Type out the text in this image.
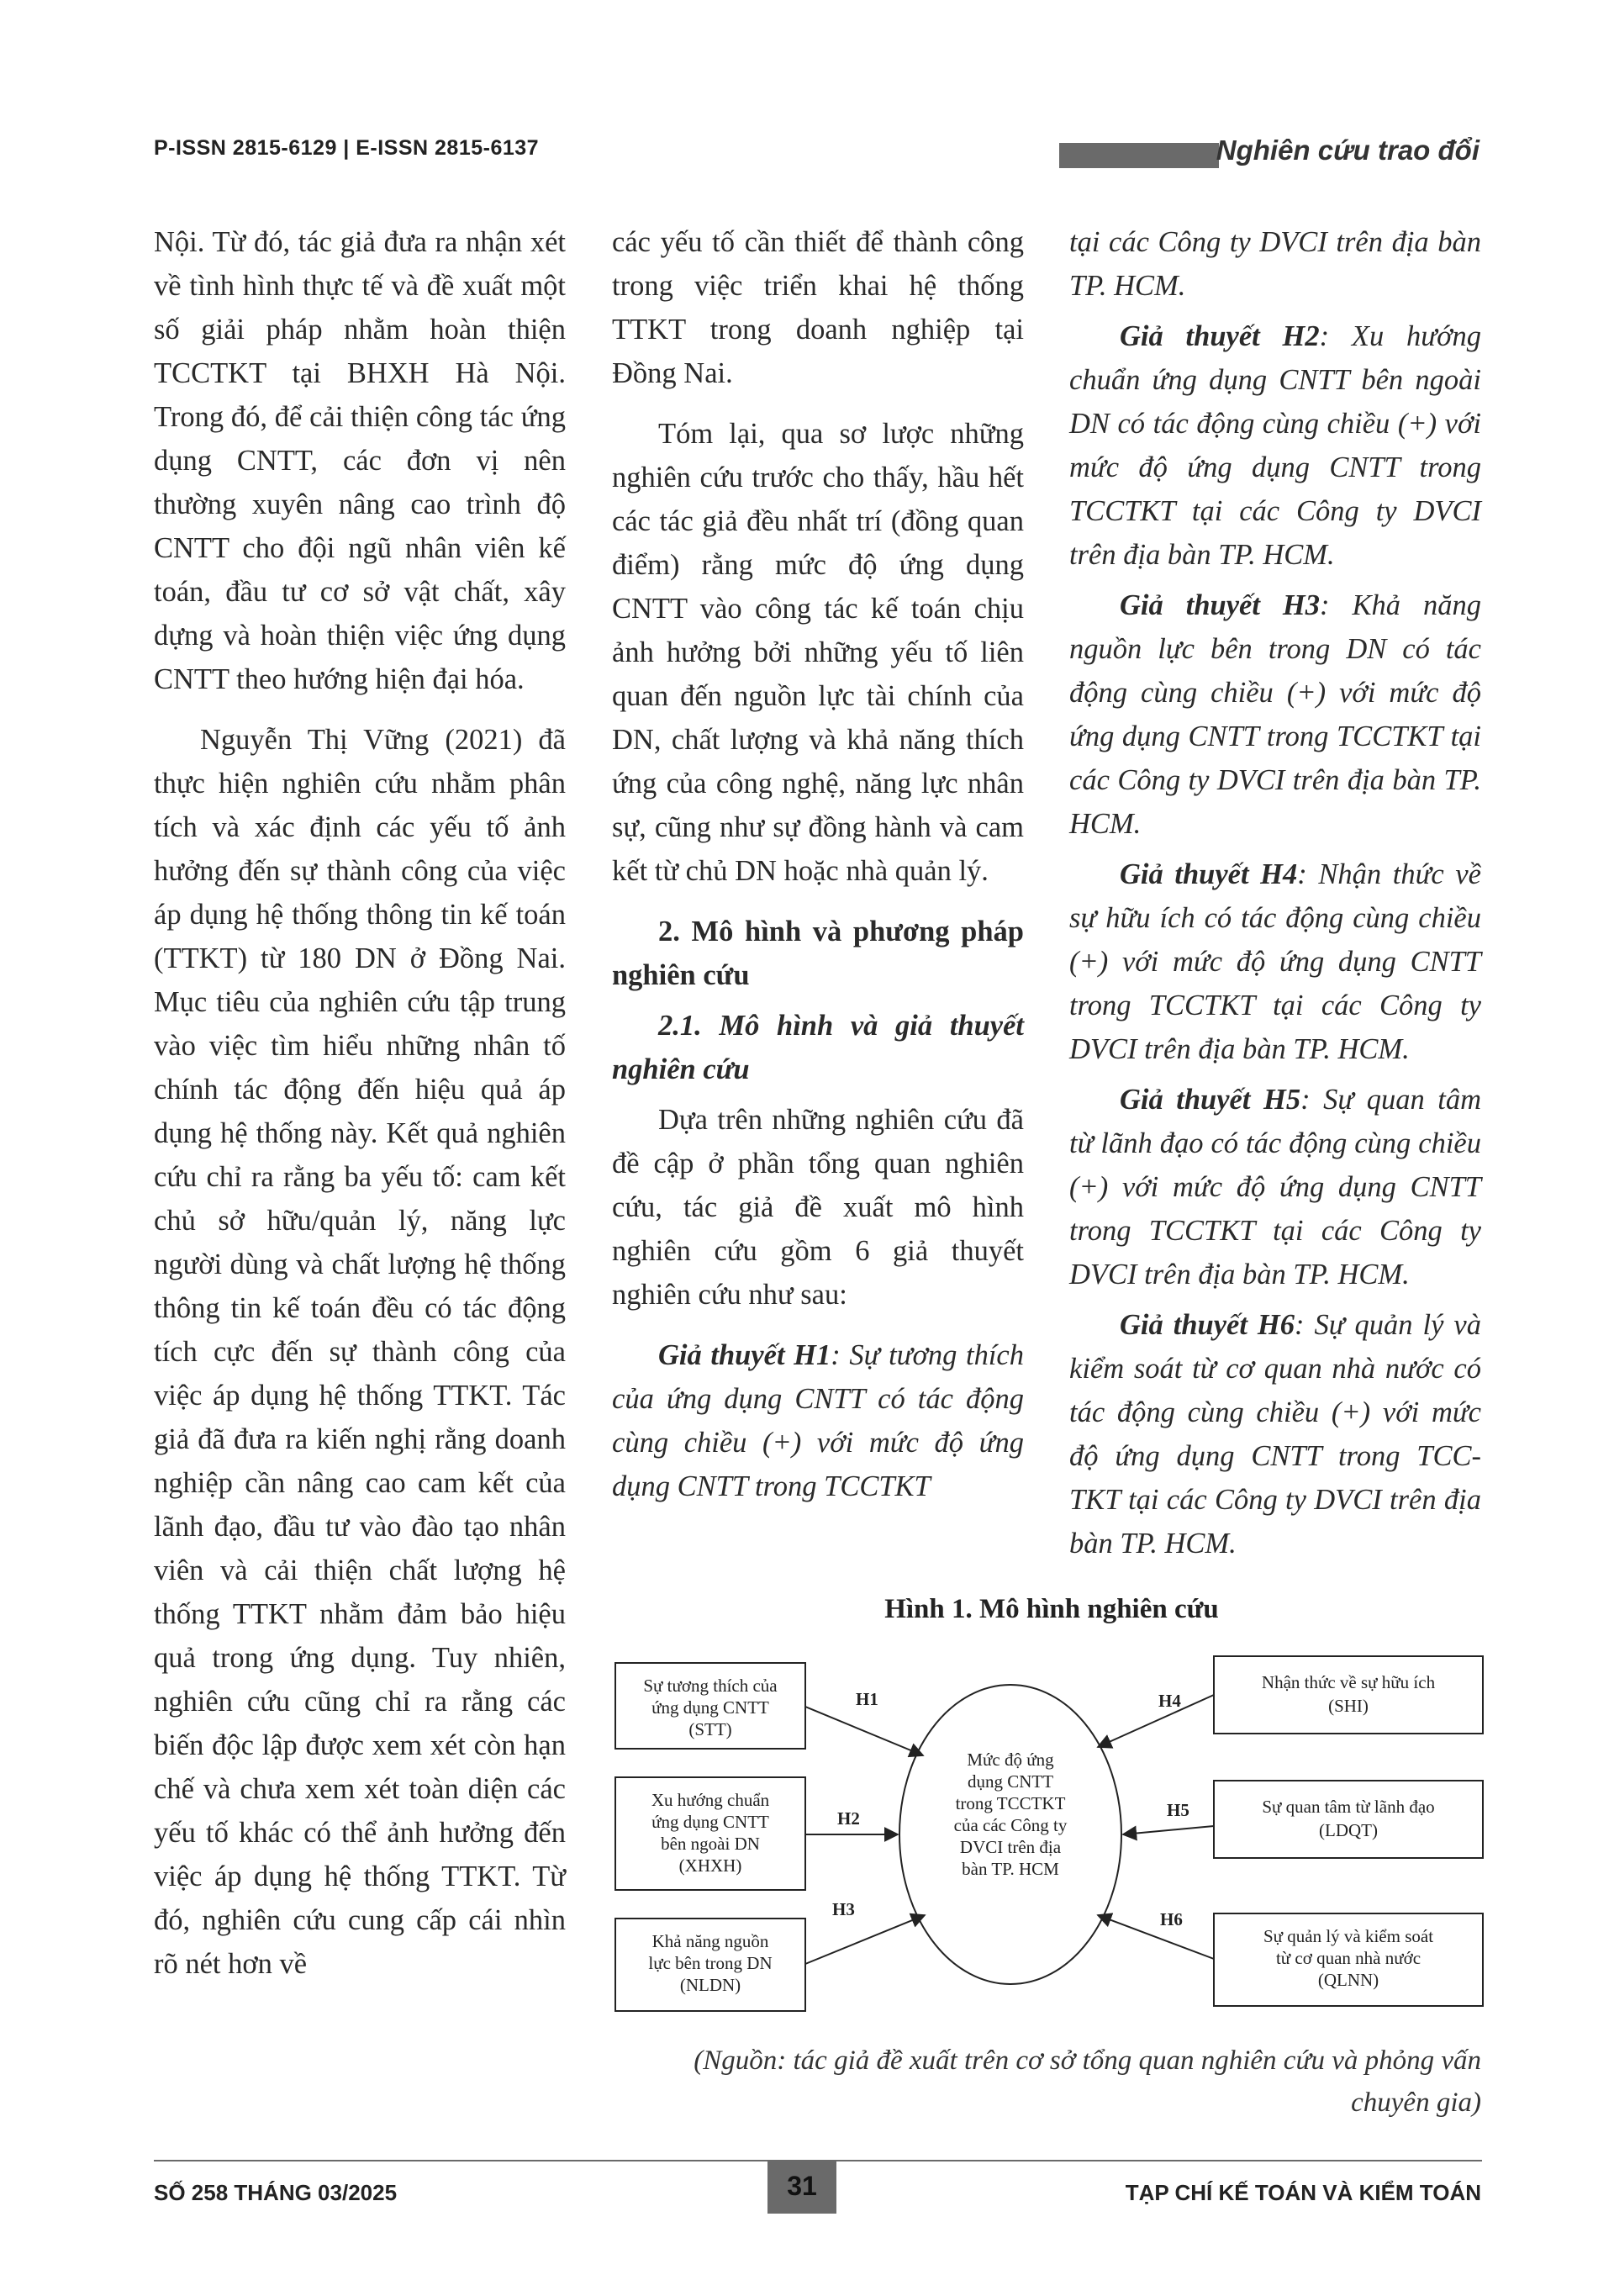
P-ISSN 2815-6129 | E-ISSN 2815-6137	Nghiên cứu trao đổi

Nội. Từ đó, tác giả đưa ra nhận xét về tình hình thực tế và đề xuất một số giải pháp nhằm hoàn thiện TCCTKT tại BHXH Hà Nội. Trong đó, để cải thiện công tác ứng dụng CNTT, các đơn vị nên thường xuyên nâng cao trình độ CNTT cho đội ngũ nhân viên kế toán, đầu tư cơ sở vật chất, xây dựng và hoàn thiện việc ứng dụng CNTT theo hướng hiện đại hóa.

Nguyễn Thị Vững (2021) đã thực hiện nghiên cứu nhằm phân tích và xác định các yếu tố ảnh hưởng đến sự thành công của việc áp dụng hệ thống thông tin kế toán (TTKT) từ 180 DN ở Đồng Nai. Mục tiêu của nghiên cứu tập trung vào việc tìm hiểu những nhân tố chính tác động đến hiệu quả áp dụng hệ thống này. Kết quả nghiên cứu chỉ ra rằng ba yếu tố: cam kết chủ sở hữu/quản lý, năng lực người dùng và chất lượng hệ thống thông tin kế toán đều có tác động tích cực đến sự thành công của việc áp dụng hệ thống TTKT. Tác giả đã đưa ra kiến nghị rằng doanh nghiệp cần nâng cao cam kết của lãnh đạo, đầu tư vào đào tạo nhân viên và cải thiện chất lượng hệ thống TTKT nhằm đảm bảo hiệu quả trong ứng dụng. Tuy nhiên, nghiên cứu cũng chỉ ra rằng các biến độc lập được xem xét còn hạn chế và chưa xem xét toàn diện các yếu tố khác có thể ảnh hưởng đến việc áp dụng hệ thống TTKT. Từ đó, nghiên cứu cung cấp cái nhìn rõ nét hơn về

các yếu tố cần thiết để thành công trong việc triển khai hệ thống TTKT trong doanh nghiệp tại Đồng Nai.

Tóm lại, qua sơ lược những nghiên cứu trước cho thấy, hầu hết các tác giả đều nhất trí (đồng quan điểm) rằng mức độ ứng dụng CNTT vào công tác kế toán chịu ảnh hưởng bởi những yếu tố liên quan đến nguồn lực tài chính của DN, chất lượng và khả năng thích ứng của công nghệ, năng lực nhân sự, cũng như sự đồng hành và cam kết từ chủ DN hoặc nhà quản lý.

2. Mô hình và phương pháp nghiên cứu

2.1. Mô hình và giả thuyết nghiên cứu

Dựa trên những nghiên cứu đã đề cập ở phần tổng quan nghiên cứu, tác giả đề xuất mô hình nghiên cứu gồm 6 giả thuyết nghiên cứu như sau:

Giả thuyết H1: Sự tương thích của ứng dụng CNTT có tác động cùng chiều (+) với mức độ ứng dụng CNTT trong TCCTKT

tại các Công ty DVCI trên địa bàn TP. HCM.

Giả thuyết H2: Xu hướng chuẩn ứng dụng CNTT bên ngoài DN có tác động cùng chiều (+) với mức độ ứng dụng CNTT trong TCCTKT tại các Công ty DVCI trên địa bàn TP. HCM.

Giả thuyết H3: Khả năng nguồn lực bên trong DN có tác động cùng chiều (+) với mức độ ứng dụng CNTT trong TCCTKT tại các Công ty DVCI trên địa bàn TP. HCM.

Giả thuyết H4: Nhận thức về sự hữu ích có tác động cùng chiều (+) với mức độ ứng dụng CNTT trong TCCTKT tại các Công ty DVCI trên địa bàn TP. HCM.

Giả thuyết H5: Sự quan tâm từ lãnh đạo có tác động cùng chiều (+) với mức độ ứng dụng CNTT trong TCCTKT tại các Công ty DVCI trên địa bàn TP. HCM.

Giả thuyết H6: Sự quản lý và kiểm soát từ cơ quan nhà nước có tác động cùng chiều (+) với mức độ ứng dụng CNTT trong TCC-TKT tại các Công ty DVCI trên địa bàn TP. HCM.

Hình 1. Mô hình nghiên cứu
Sự tương thích của
ứng dụng CNTT
(STT)
Xu hướng chuẩn
ứng dụng CNTT
bên ngoài DN
(XHXH)
Khả năng nguồn
lực bên trong DN
(NLDN)
Nhận thức về sự hữu ích
(SHI)
Sự quan tâm từ lãnh đạo
(LDQT)
Sự quản lý và kiểm soát
từ cơ quan nhà nước
(QLNN)
Mức độ ứng
dụng CNTT
trong TCCTKT
của các Công ty
DVCI trên địa
bàn TP. HCM
H1
H2
H3
H4
H5
H6
(Nguồn: tác giả đề xuất trên cơ sở tổng quan nghiên cứu và phỏng vấn chuyên gia)
SỐ 258 THÁNG 03/2025	31	TẠP CHÍ KẾ TOÁN VÀ KIỂM TOÁN
